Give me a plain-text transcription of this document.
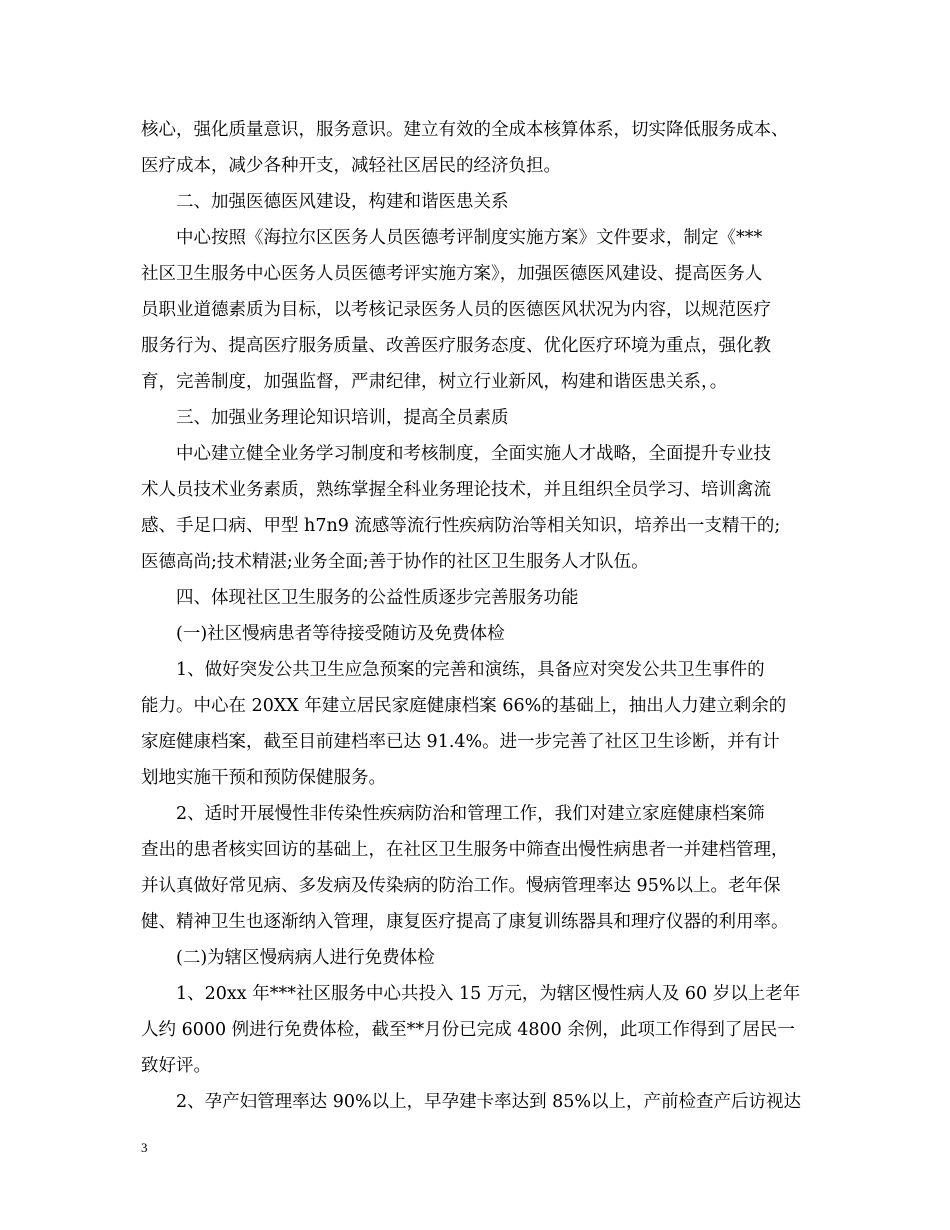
核心，强化质量意识，服务意识。建立有效的全成本核算体系，切实降低服务成本、
医疗成本，减少各种开支，减轻社区居民的经济负担。
二、加强医德医风建设，构建和谐医患关系
中心按照《海拉尔区医务人员医德考评制度实施方案》文件要求，制定《***
社区卫生服务中心医务人员医德考评实施方案》，加强医德医风建设、提高医务人
员职业道德素质为目标，以考核记录医务人员的医德医风状况为内容，以规范医疗
服务行为、提高医疗服务质量、改善医疗服务态度、优化医疗环境为重点，强化教
育，完善制度，加强监督，严肃纪律，树立行业新风，构建和谐医患关系，。
三、加强业务理论知识培训，提高全员素质
中心建立健全业务学习制度和考核制度，全面实施人才战略，全面提升专业技
术人员技术业务素质，熟练掌握全科业务理论技术，并且组织全员学习、培训禽流
感、手足口病、甲型 h7n9 流感等流行性疾病防治等相关知识，培养出一支精干的;
医德高尚;技术精湛;业务全面;善于协作的社区卫生服务人才队伍。
四、体现社区卫生服务的公益性质逐步完善服务功能
(一)社区慢病患者等待接受随访及免费体检
1、做好突发公共卫生应急预案的完善和演练，具备应对突发公共卫生事件的
能力。中心在 20XX 年建立居民家庭健康档案 66%的基础上，抽出人力建立剩余的
家庭健康档案，截至目前建档率已达 91.4%。进一步完善了社区卫生诊断，并有计
划地实施干预和预防保健服务。
2、适时开展慢性非传染性疾病防治和管理工作，我们对建立家庭健康档案筛
查出的患者核实回访的基础上，在社区卫生服务中筛查出慢性病患者一并建档管理，
并认真做好常见病、多发病及传染病的防治工作。慢病管理率达 95%以上。老年保
健、精神卫生也逐渐纳入管理，康复医疗提高了康复训练器具和理疗仪器的利用率。
(二)为辖区慢病病人进行免费体检
1、20xx 年***社区服务中心共投入 15 万元，为辖区慢性病人及 60 岁以上老年
人约 6000 例进行免费体检，截至**月份已完成 4800 余例，此项工作得到了居民一
致好评。
2、孕产妇管理率达 90%以上，早孕建卡率达到 85%以上，产前检查产后访视达
3
